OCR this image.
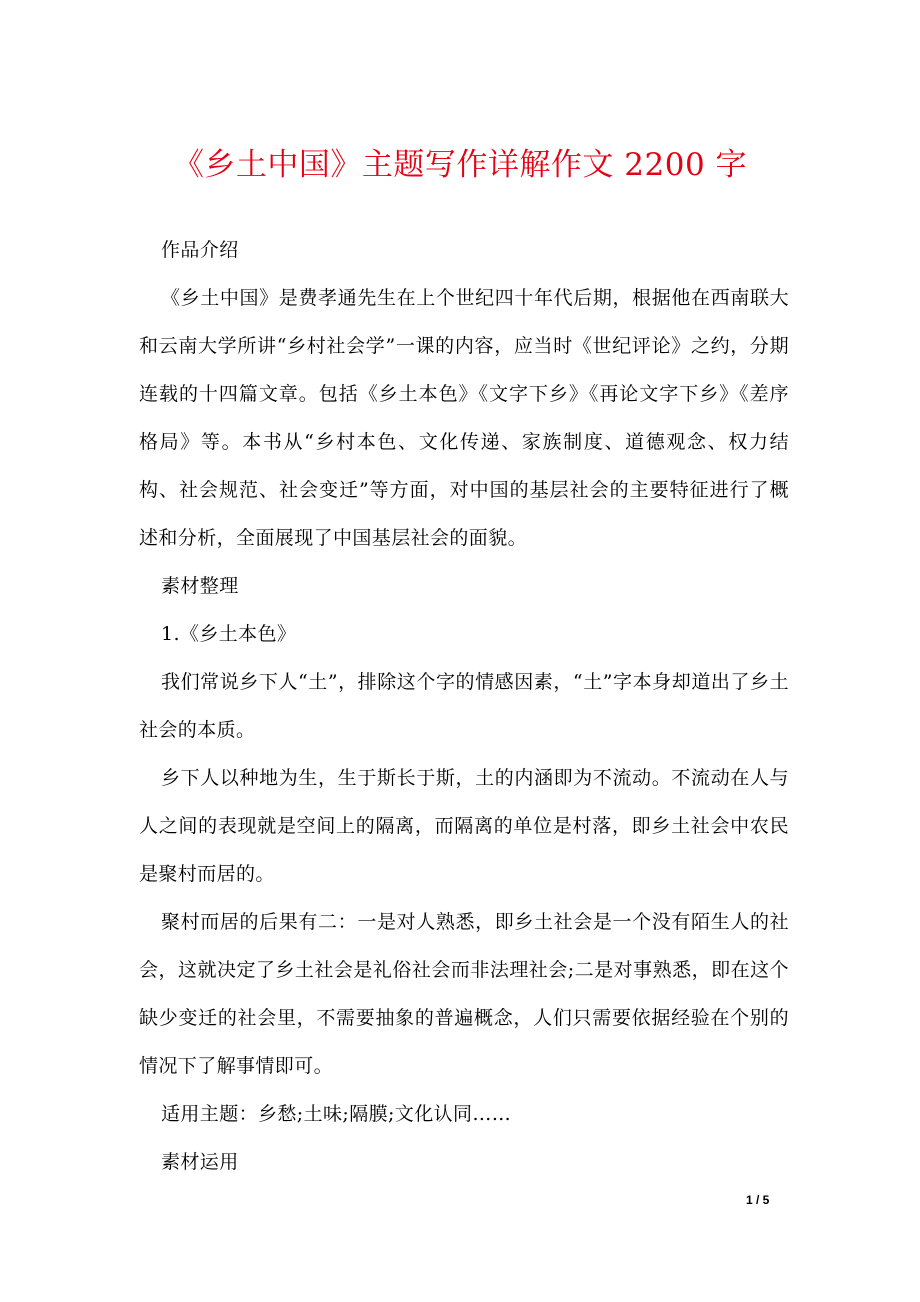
《乡土中国》主题写作详解作文 2200 字

作品介绍

《乡土中国》是费孝通先生在上个世纪四十年代后期，根据他在西南联大和云南大学所讲“乡村社会学”一课的内容，应当时《世纪评论》之约，分期连载的十四篇文章。包括《乡土本色》《文字下乡》《再论文字下乡》《差序格局》等。本书从“乡村本色、文化传递、家族制度、道德观念、权力结构、社会规范、社会变迁”等方面，对中国的基层社会的主要特征进行了概述和分析，全面展现了中国基层社会的面貌。

素材整理

1.《乡土本色》

我们常说乡下人“土”，排除这个字的情感因素，“土”字本身却道出了乡土社会的本质。

乡下人以种地为生，生于斯长于斯，土的内涵即为不流动。不流动在人与人之间的表现就是空间上的隔离，而隔离的单位是村落，即乡土社会中农民是聚村而居的。

聚村而居的后果有二：一是对人熟悉，即乡土社会是一个没有陌生人的社会，这就决定了乡土社会是礼俗社会而非法理社会;二是对事熟悉，即在这个缺少变迁的社会里，不需要抽象的普遍概念，人们只需要依据经验在个别的情况下了解事情即可。

适用主题：乡愁;土味;隔膜;文化认同……

素材运用

1 / 5
